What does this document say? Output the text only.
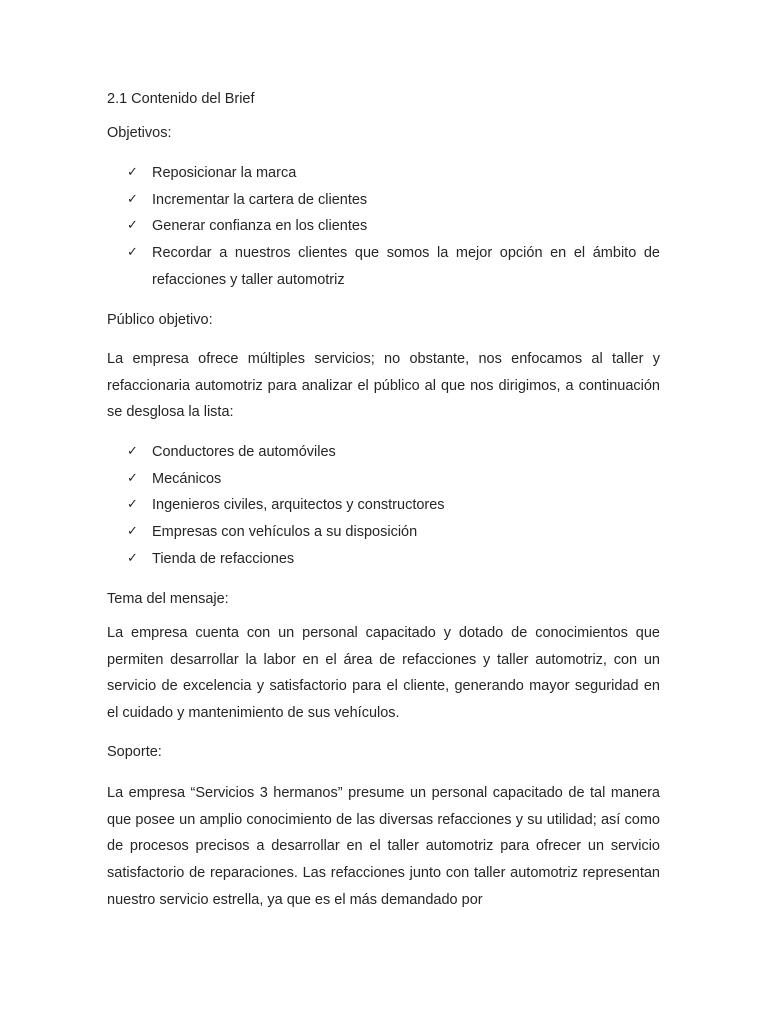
2.1 Contenido del Brief
Objetivos:
✓ Reposicionar la marca
✓ Incrementar la cartera de clientes
✓ Generar confianza en los clientes
✓ Recordar a nuestros clientes que somos la mejor opción en el ámbito de refacciones y taller automotriz
Público objetivo:
La empresa ofrece múltiples servicios; no obstante, nos enfocamos al taller y refaccionaria automotriz para analizar el público al que nos dirigimos, a continuación se desglosa la lista:
✓ Conductores de automóviles
✓ Mecánicos
✓ Ingenieros civiles, arquitectos y constructores
✓ Empresas con vehículos a su disposición
✓ Tienda de refacciones
Tema del mensaje:
La empresa cuenta con un personal capacitado y dotado de conocimientos que permiten desarrollar la labor en el área de refacciones y taller automotriz, con un servicio de excelencia y satisfactorio para el cliente, generando mayor seguridad en el cuidado y mantenimiento de sus vehículos.
Soporte:
La empresa “Servicios 3 hermanos” presume un personal capacitado de tal manera que posee un amplio conocimiento de las diversas refacciones y su utilidad; así como de procesos precisos a desarrollar en el taller automotriz para ofrecer un servicio satisfactorio de reparaciones. Las refacciones junto con taller automotriz representan nuestro servicio estrella, ya que es el más demandado por
